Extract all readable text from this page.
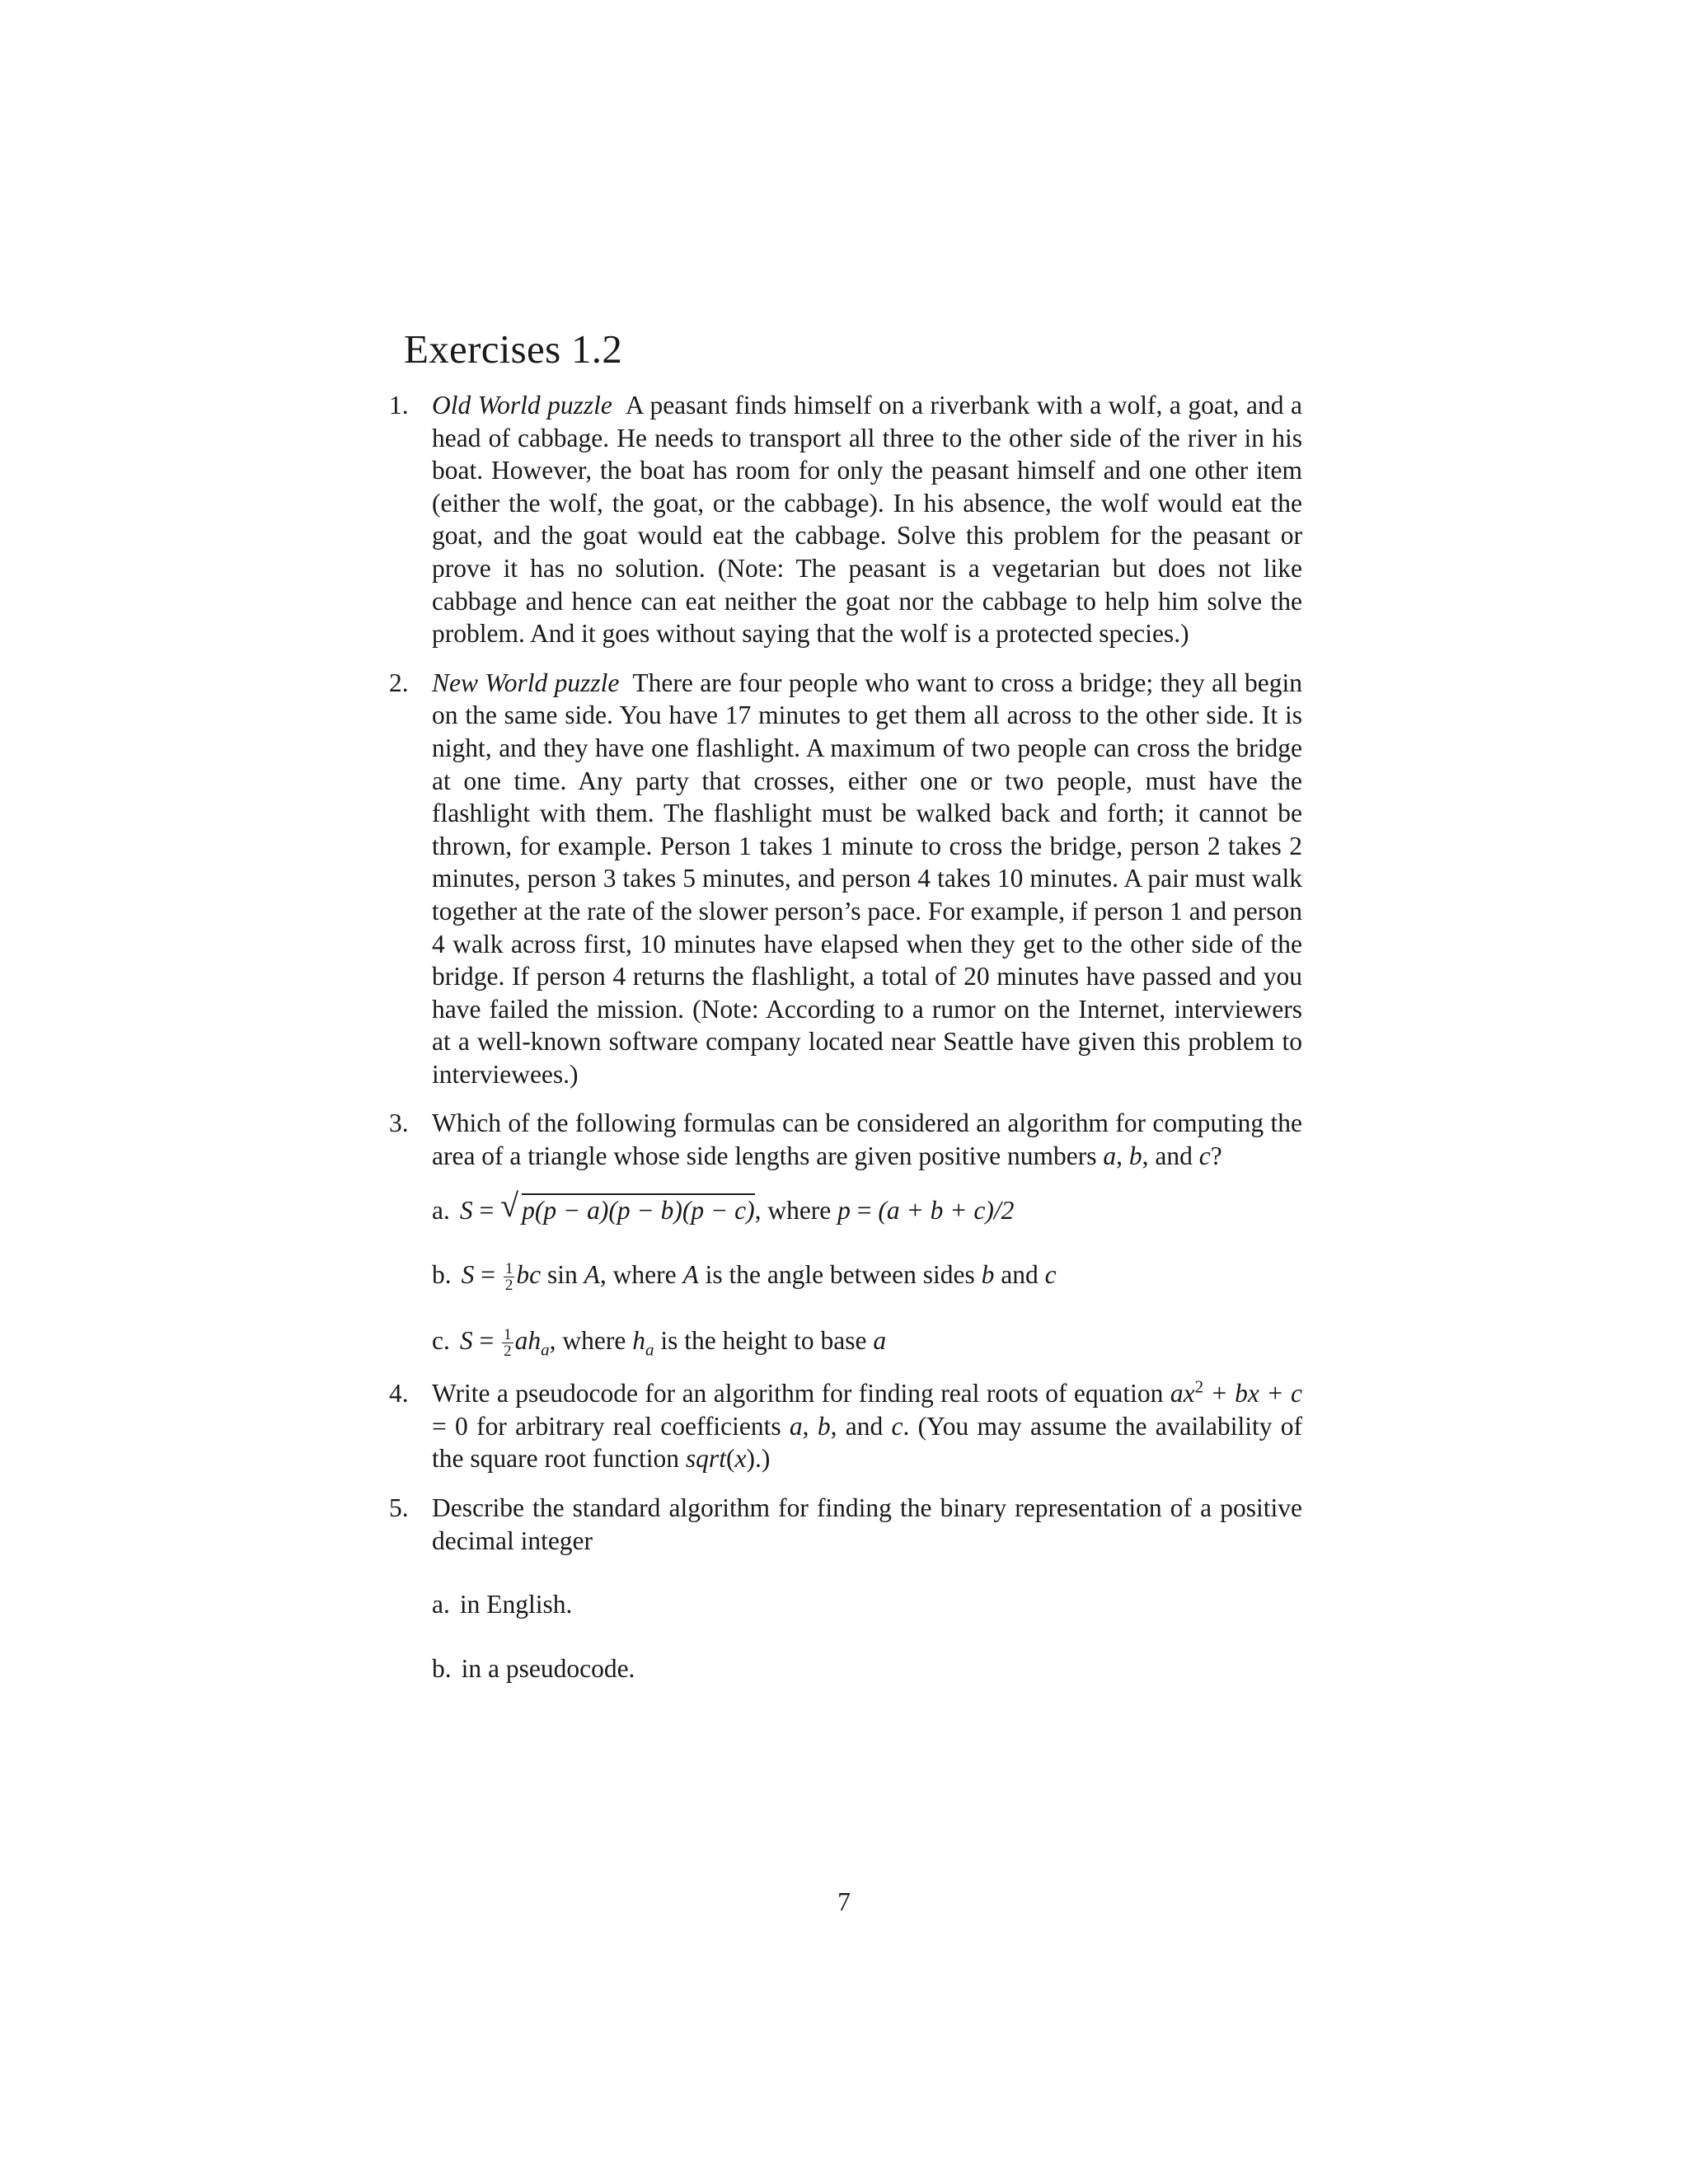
Exercises 1.2
1. Old World puzzle A peasant finds himself on a riverbank with a wolf, a goat, and a head of cabbage. He needs to transport all three to the other side of the river in his boat. However, the boat has room for only the peasant himself and one other item (either the wolf, the goat, or the cabbage). In his absence, the wolf would eat the goat, and the goat would eat the cabbage. Solve this problem for the peasant or prove it has no solution. (Note: The peasant is a vegetarian but does not like cabbage and hence can eat neither the goat nor the cabbage to help him solve the problem. And it goes without saying that the wolf is a protected species.)
2. New World puzzle There are four people who want to cross a bridge; they all begin on the same side. You have 17 minutes to get them all across to the other side. It is night, and they have one flashlight. A maximum of two people can cross the bridge at one time. Any party that crosses, either one or two people, must have the flashlight with them. The flashlight must be walked back and forth; it cannot be thrown, for example. Person 1 takes 1 minute to cross the bridge, person 2 takes 2 minutes, person 3 takes 5 minutes, and person 4 takes 10 minutes. A pair must walk together at the rate of the slower person’s pace. For example, if person 1 and person 4 walk across first, 10 minutes have elapsed when they get to the other side of the bridge. If person 4 returns the flashlight, a total of 20 minutes have passed and you have failed the mission. (Note: According to a rumor on the Internet, interviewers at a well-known software company located near Seattle have given this problem to interviewees.)
3. Which of the following formulas can be considered an algorithm for computing the area of a triangle whose side lengths are given positive numbers a, b, and c?
a. S = √ p(p − a)(p − b)(p − c), where p = (a + b + c)/2
b. $S = \frac{1}{2}$ bc sin A, where A is the angle between sides b and c
c. $S = \frac{1}{2} ah_a$, where $h_a$ is the height to base a
4. Write a pseudocode for an algorithm for finding real roots of equation $ax^2$ + bx + c = 0 for arbitrary real coefficients a, b, and c. (You may assume the availability of the square root function sqrt(x).)
5. Describe the standard algorithm for finding the binary representation of a positive decimal integer
a. in English.
b. in a pseudocode.
7
